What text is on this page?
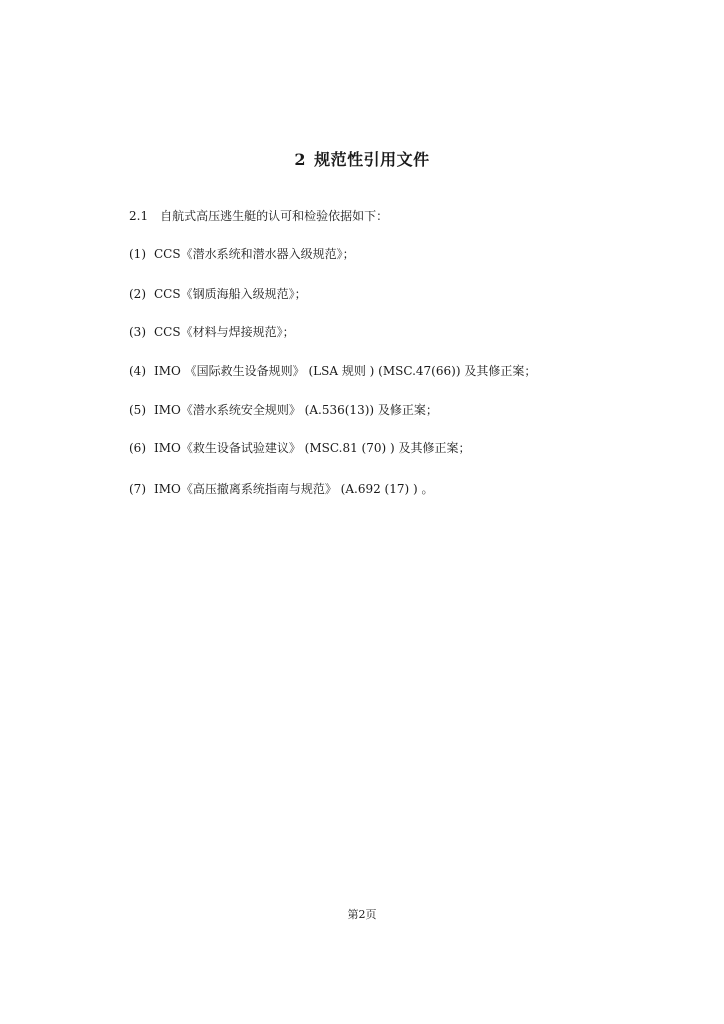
2 规范性引用文件
2.1 自航式高压逃生艇的认可和检验依据如下：
(1) CCS《潜水系统和潜水器入级规范》；
(2) CCS《钢质海船入级规范》；
(3) CCS《材料与焊接规范》；
(4) IMO 《国际救生设备规则》 (LSA 规则 ) (MSC.47(66)) 及其修正案；
(5) IMO《潜水系统安全规则》 (A.536(13)) 及修正案；
(6) IMO《救生设备试验建议》 (MSC.81 (70) ) 及其修正案；
(7) IMO《高压撤离系统指南与规范》 (A.692 (17) ) 。
第2页
